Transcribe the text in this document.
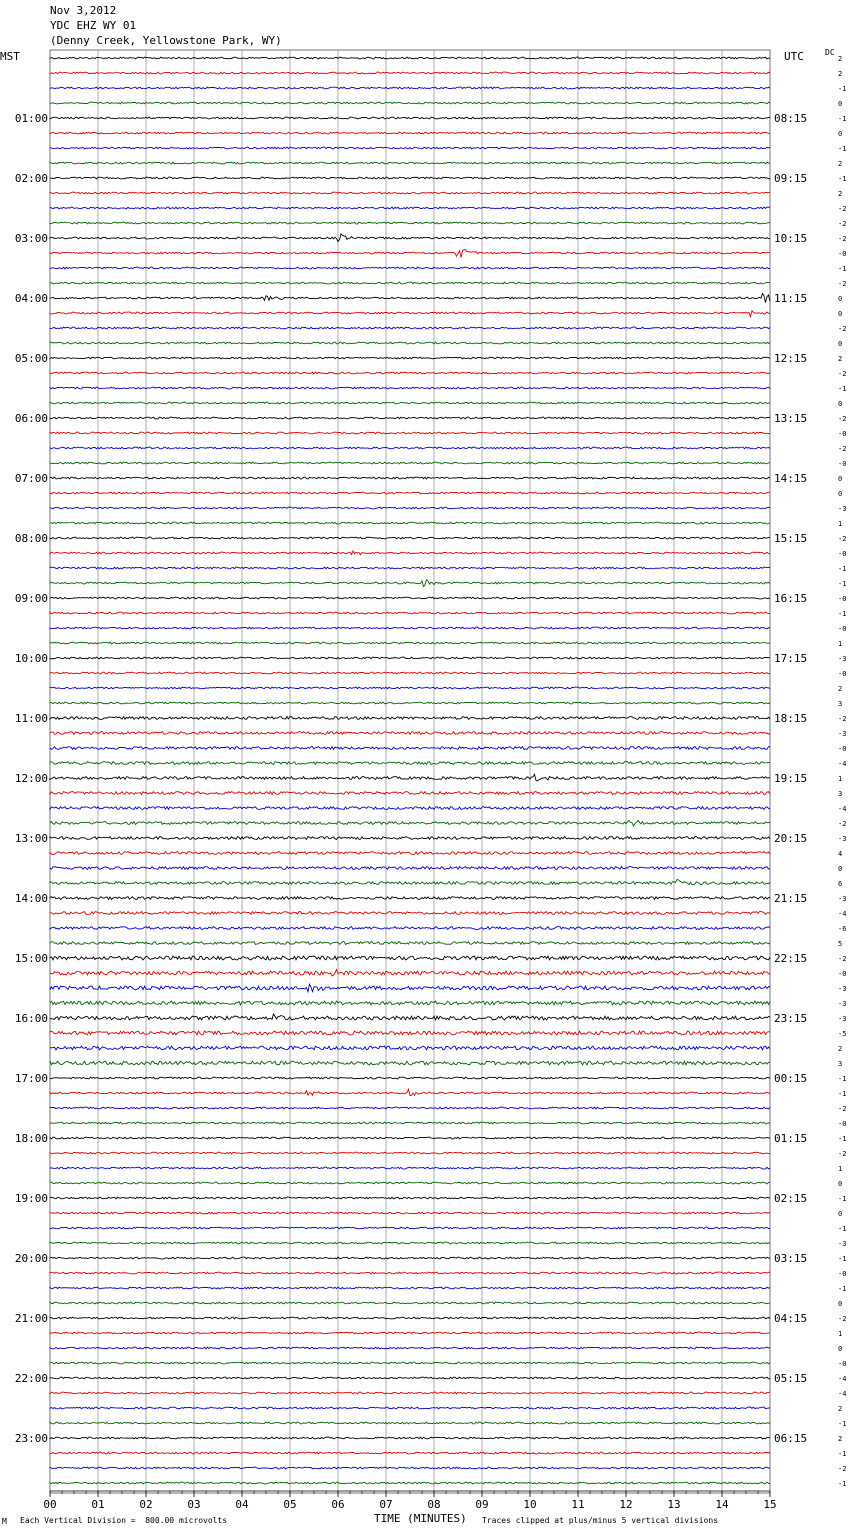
Nov 3,2012
YDC EHZ WY 01
(Denny Creek, Yellowstone Park, WY)
MST	UTC	DC
2
2
-1
0
-1
0
-1
2
-1
2
-2
-2
-2
-0
-1
-2
0
0
-2
0
2
-2
-1
0
-2
-0
-2
-0
0
0
-3
1
-2
-0
-1
-1
-0
-1
-0
1
-3
-0
2
3
-2
-3
-0
-4
1
3
-4
-2
-3
4
0
6
-3
-4
-6
5
-2
-0
-3
-3
-3
-5
2
3
-1
-1
-2
-0
-1
-2
1
0
-1
0
-1
-3
-1
-0
-1
0
-2
1
0
-0
-4
-4
2
-1
2
-1
-2
-1
01:00	08:15
02:00	09:15
03:00	10:15
04:00	11:15
05:00	12:15
06:00	13:15
07:00	14:15
08:00	15:15
09:00	16:15
10:00	17:15
11:00	18:15
12:00	19:15
13:00	20:15
14:00	21:15
15:00	22:15
16:00	23:15
17:00	00:15
18:00	01:15
19:00	02:15
20:00	03:15
21:00	04:15
22:00	05:15
23:00	06:15
00	01	02	03	04	05	06	07	08	09	10	11	12	13	14	15
TIME (MINUTES)
M Each Vertical Division =  800.00 microvolts	Traces clipped at plus/minus 5 vertical divisions
